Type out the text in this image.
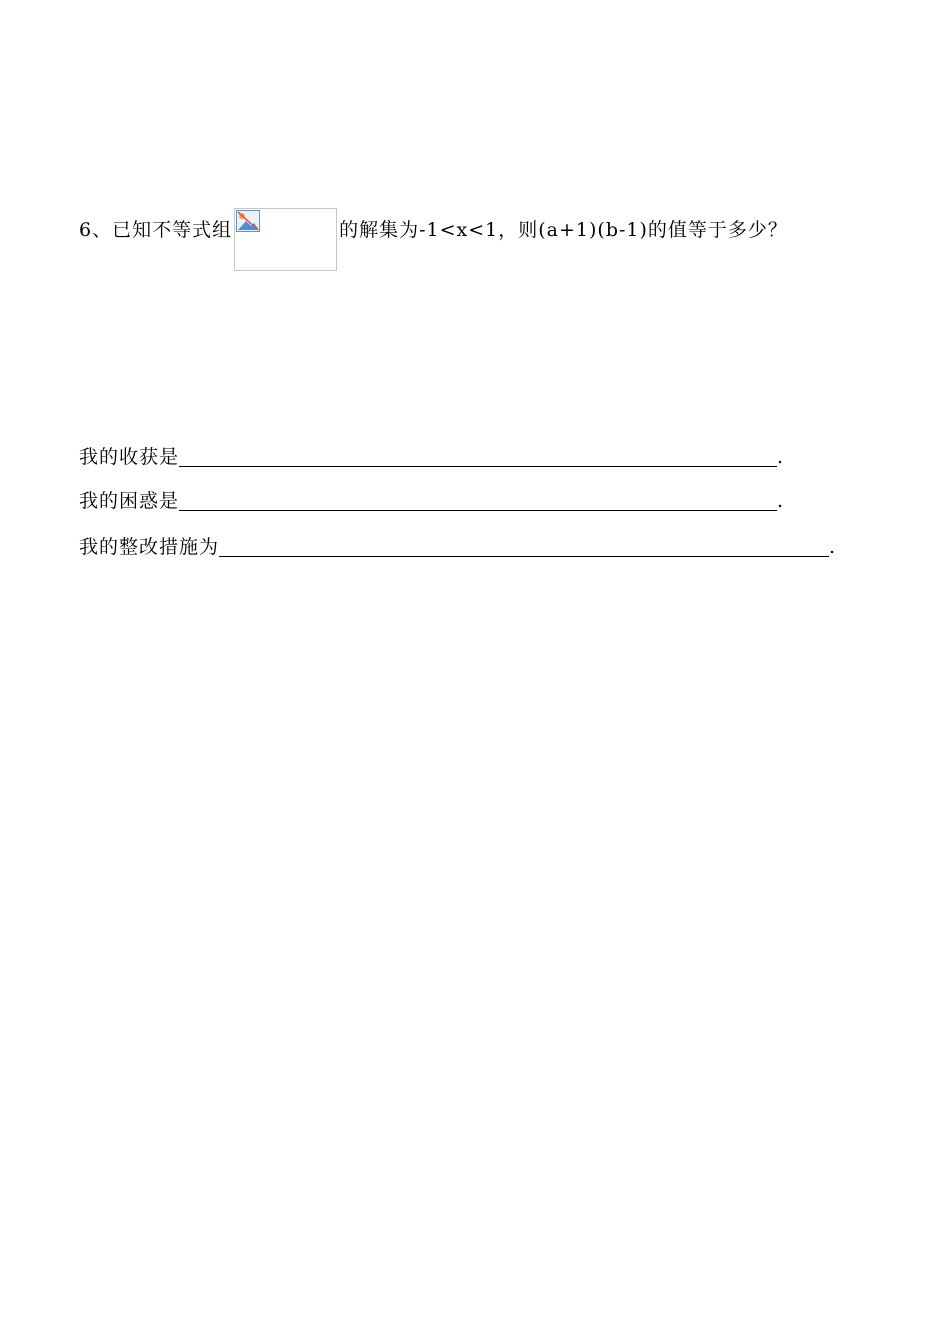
6、已知不等式组	的解集为-1<x<1，则(a+1)(b-1)的值等于多少？
我的收获是	.
我的困惑是	.
我的整改措施为	.
